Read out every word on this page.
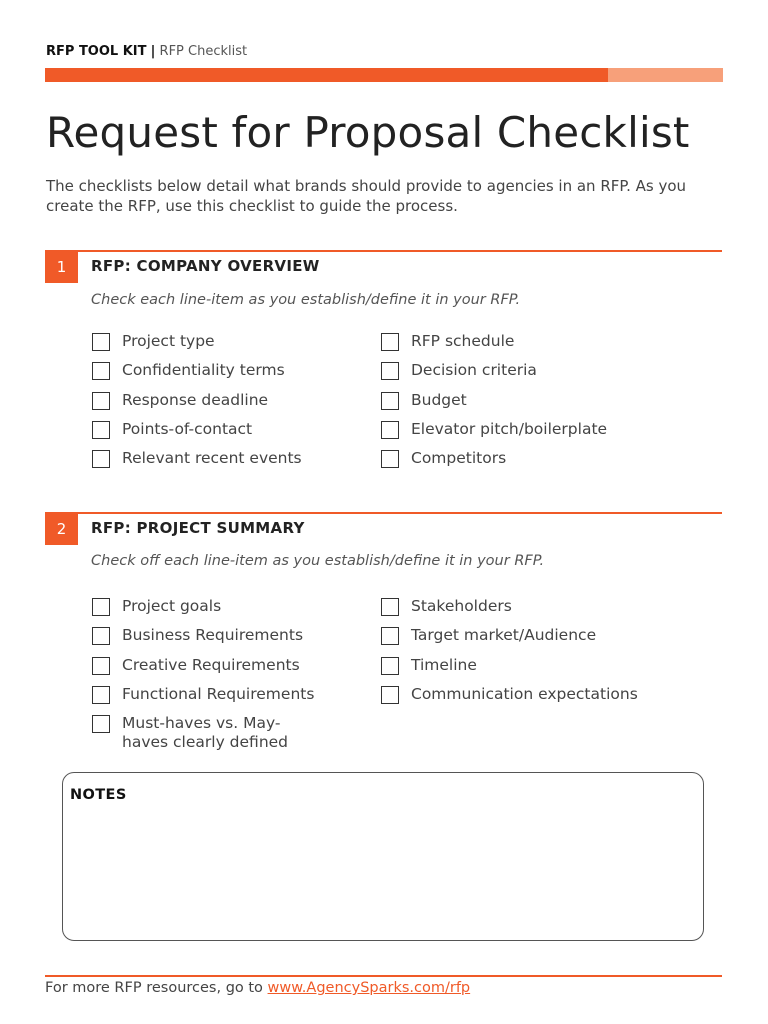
RFP TOOL KIT | RFP Checklist
Request for Proposal Checklist

The checklists below detail what brands should provide to agencies in an RFP. As you create the RFP, use this checklist to guide the process.

1	RFP: COMPANY OVERVIEW
Check each line-item as you establish/define it in your RFP.
Project type
Confidentiality terms
Response deadline
Points-of-contact
Relevant recent events
RFP schedule
Decision criteria
Budget
Elevator pitch/boilerplate
Competitors
2	RFP: PROJECT SUMMARY
Check off each line-item as you establish/define it in your RFP.
Project goals
Business Requirements
Creative Requirements
Functional Requirements
Must-haves vs. May-haves clearly defined
Stakeholders
Target market/Audience
Timeline
Communication expectations
NOTES
For more RFP resources, go to www.AgencySparks.com/rfp
